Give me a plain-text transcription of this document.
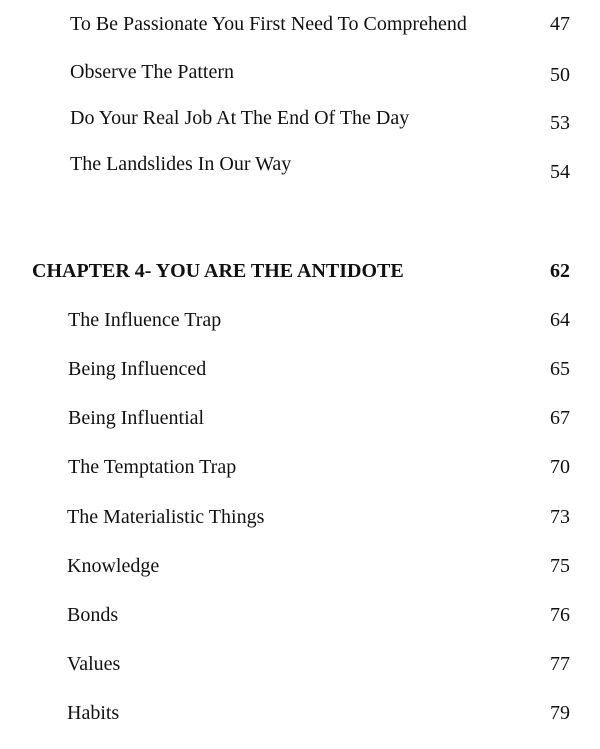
To Be Passionate You First Need To Comprehend	47
Observe The Pattern	50
Do Your Real Job At The End Of The Day	53
The Landslides In Our Way	54
CHAPTER 4- YOU ARE THE ANTIDOTE	62
The Influence Trap	64
Being Influenced	65
Being Influential	67
The Temptation Trap	70
The Materialistic Things	73
Knowledge	75
Bonds	76
Values	77
Habits	79
